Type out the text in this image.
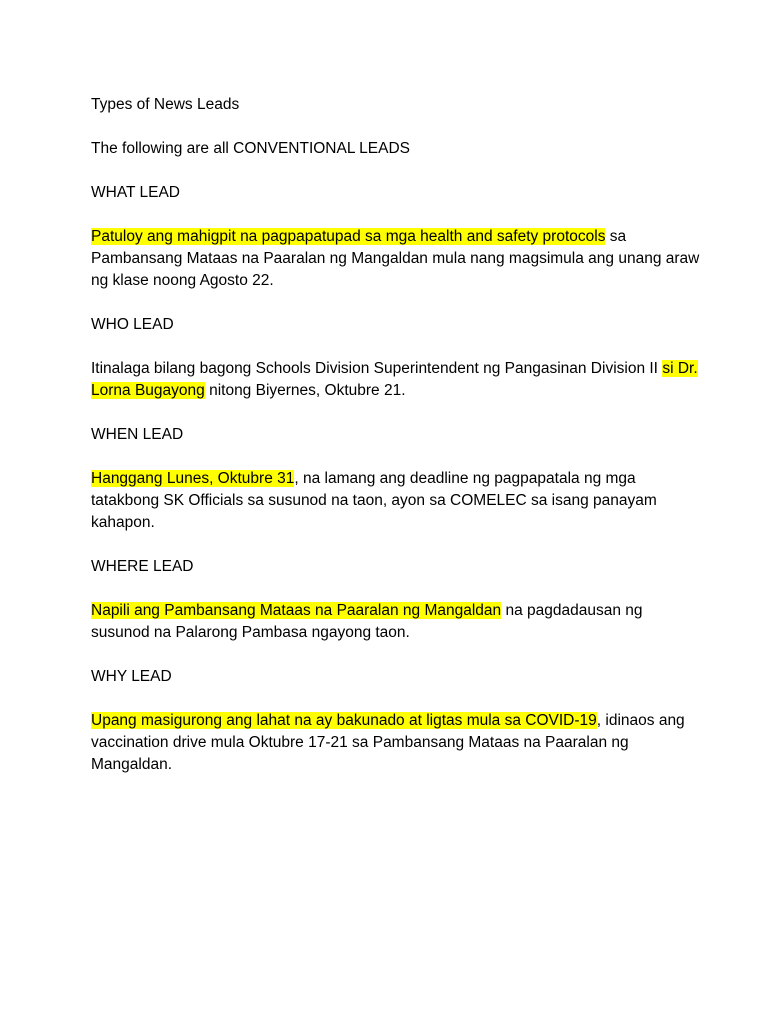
Types of News Leads

The following are all CONVENTIONAL LEADS

WHAT LEAD

Patuloy ang mahigpit na pagpapatupad sa mga health and safety protocols sa Pambansang Mataas na Paaralan ng Mangaldan mula nang magsimula ang unang araw ng klase noong Agosto 22.

WHO LEAD

Itinalaga bilang bagong Schools Division Superintendent ng Pangasinan Division II si Dr. Lorna Bugayong nitong Biyernes, Oktubre 21.

WHEN LEAD

Hanggang Lunes, Oktubre 31, na lamang ang deadline ng pagpapatala ng mga tatakbong SK Officials sa susunod na taon, ayon sa COMELEC sa isang panayam kahapon.

WHERE LEAD

Napili ang Pambansang Mataas na Paaralan ng Mangaldan na pagdadausan ng susunod na Palarong Pambasa ngayong taon.

WHY LEAD

Upang masigurong ang lahat na ay bakunado at ligtas mula sa COVID-19, idinaos ang vaccination drive mula Oktubre 17-21 sa Pambansang Mataas na Paaralan ng Mangaldan.
